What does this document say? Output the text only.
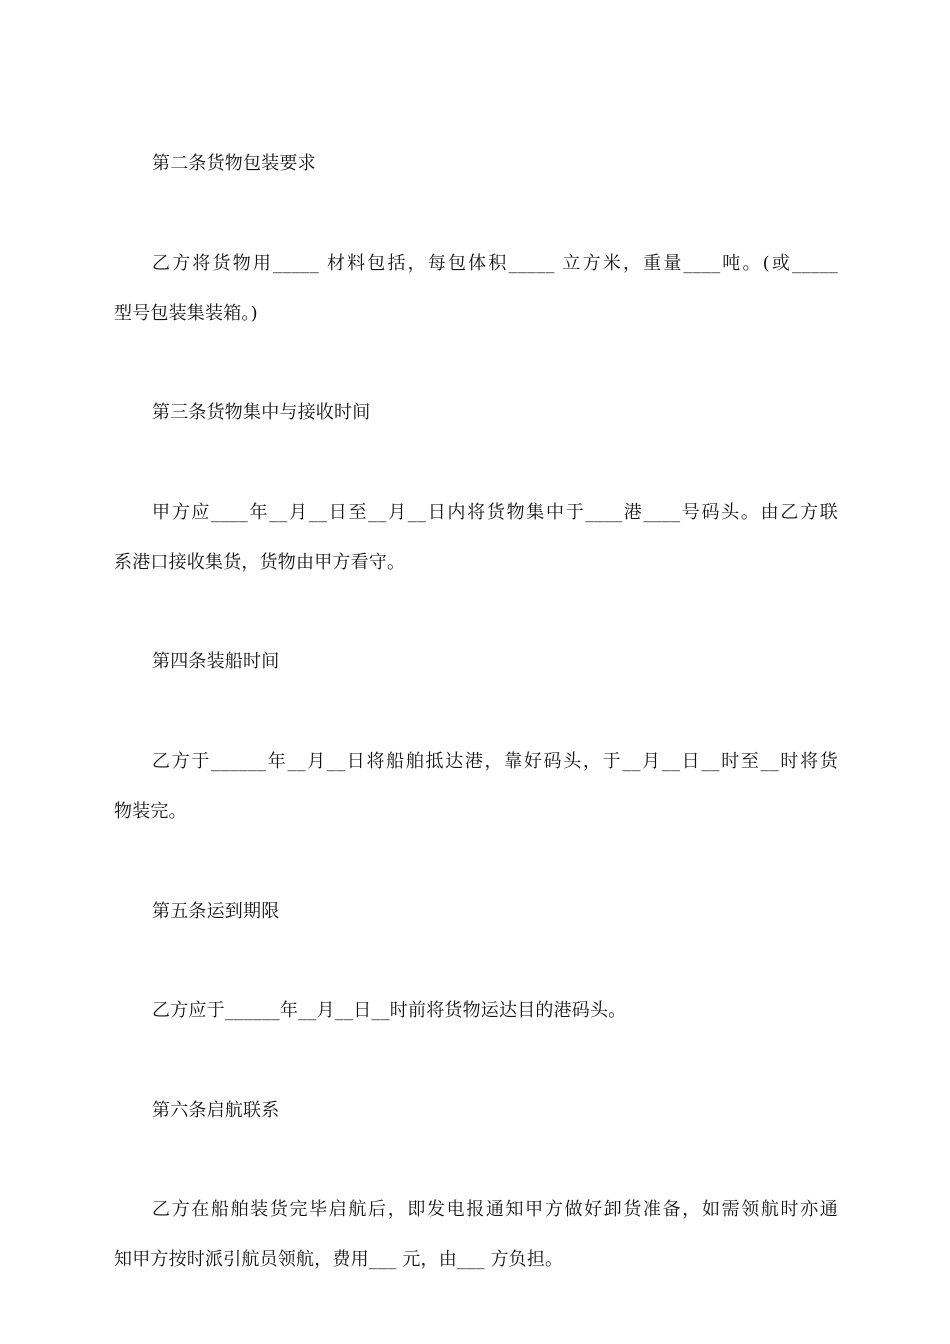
第二条货物包装要求
乙方将货物用_____ 材料包括，每包体积_____ 立方米，重量____吨。(或_____
型号包装集装箱。)
第三条货物集中与接收时间
甲方应____年__月__日至__月__日内将货物集中于____港____号码头。由乙方联
系港口接收集货，货物由甲方看守。
第四条装船时间
乙方于______年__月__日将船舶抵达港，靠好码头，于__月__日__时至__时将货
物装完。
第五条运到期限
乙方应于______年__月__日__时前将货物运达目的港码头。
第六条启航联系
乙方在船舶装货完毕启航后，即发电报通知甲方做好卸货准备，如需领航时亦通
知甲方按时派引航员领航，费用___ 元，由___ 方负担。
